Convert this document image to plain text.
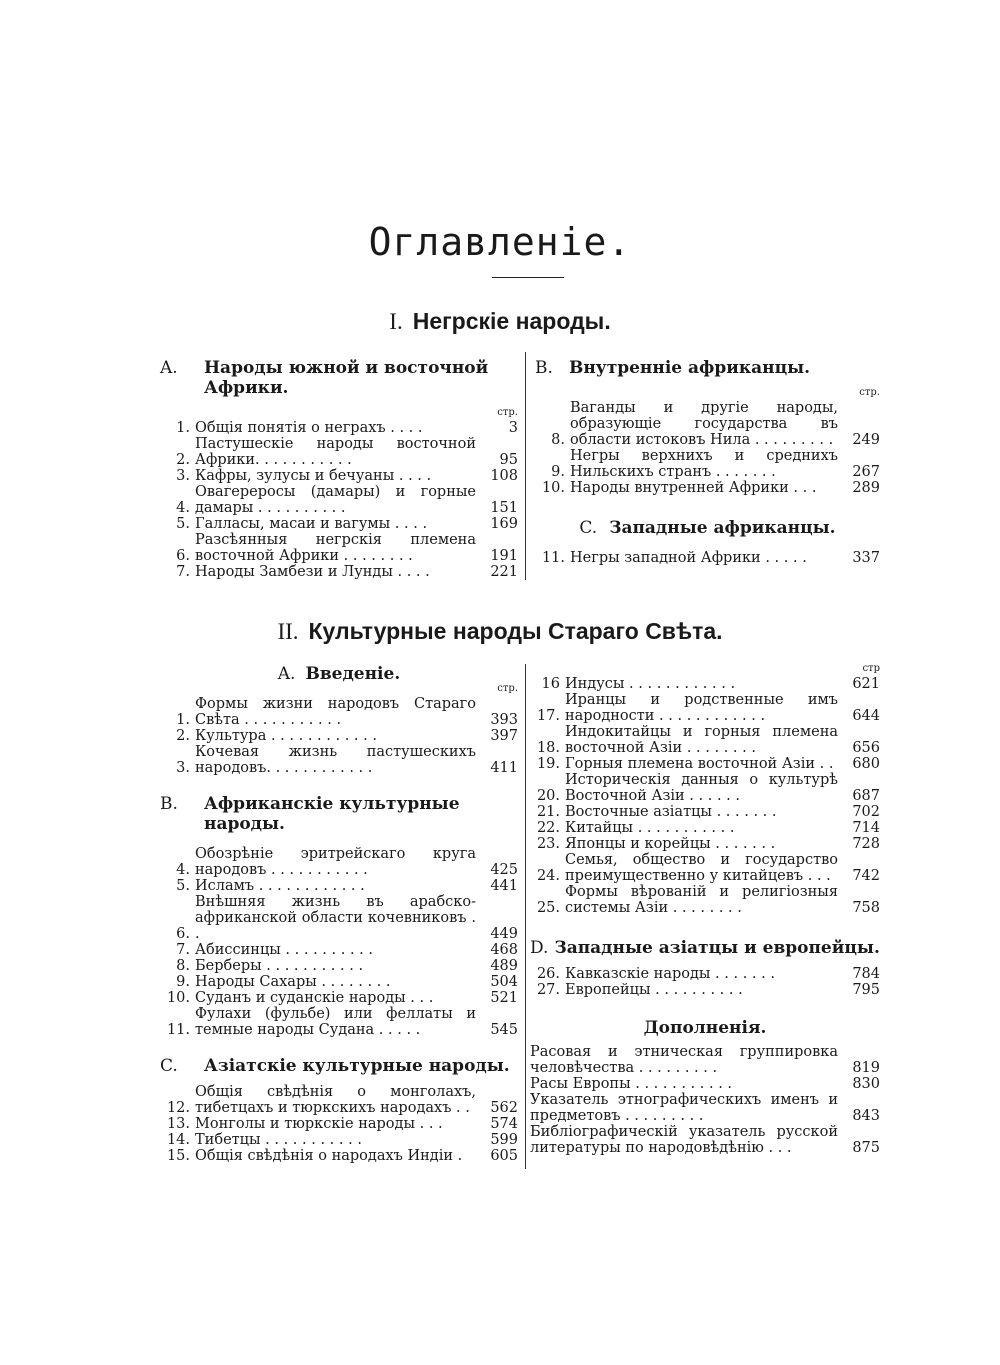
Оглавленіе.
I. Негрскіе народы.
A.	Народы южной и восточной Африки.
стр.
1. Общія понятія о неграхъ . . . .	3
2.
Пастушескіе народы восточной Африки. . . . . . . . . . .	95
3. Кафры, зулусы и бечуаны . . . .	108
4.
Овагереросы (дамары) и горные дамары . . . . . . . . . .	151
5. Галласы, масаи и вагумы . . . .	169
6.
Разсѣянныя негрскія племена восточной Африки . . . . . . . .	191
7. Народы Замбези и Лунды . . . .	221
B. Внутренніе африканцы.
стр.
8.
Ваганды и другіе народы, образующіе государства въ области истоковъ Нила . . . . . . . . .	249
9.
Негры верхнихъ и среднихъ Нильскихъ странъ . . . . . . .	267
10. Народы внутренней Африки . . .	289
C. Западные африканцы.
11. Негры западной Африки . . . . .	337
II. Культурные народы Стараго Свѣта.
A. Введеніе.
стр.
1.
Формы жизни народовъ Стараго Свѣта . . . . . . . . . . .	393
2. Культура . . . . . . . . . . . .	397
3.
Кочевая жизнь пастушескихъ народовъ. . . . . . . . . . . .	411
B.	Африканскіе культурные народы.
4.
Обозрѣніе эритрейскаго круга народовъ . . . . . . . . . . .	425
5. Исламъ . . . . . . . . . . . .	441
6.
Внѣшняя жизнь въ арабско-африканской области кочевниковъ . .	449
7. Абиссинцы . . . . . . . . . .	468
8. Берберы . . . . . . . . . . .	489
9. Народы Сахары . . . . . . . .	504
10. Суданъ и суданскіе народы . . .	521
11.
Фулахи (фульбе) или феллаты и темные народы Судана . . . . .	545
C.	Азіатскіе культурные народы.
12.
Общія свѣдѣнія о монголахъ, тибетцахъ и тюркскихъ народахъ . .	562
13. Монголы и тюркскіе народы . . .	574
14. Тибетцы . . . . . . . . . . .	599
15. Общія свѣдѣнія о народахъ Индіи .	605
стр
16 Индусы . . . . . . . . . . . .	621
17.
Иранцы и родственные имъ народности . . . . . . . . . . . .	644
18.
Индокитайцы и горныя племена восточной Азіи . . . . . . . .	656
19. Горныя племена восточной Азіи . .	680
20.
Историческія данныя о культурѣ Восточной Азіи . . . . . .	687
21. Восточные азіатцы . . . . . . .	702
22. Китайцы . . . . . . . . . . .	714
23. Японцы и корейцы . . . . . . .	728
24.
Семья, общество и государство преимущественно у китайцевъ . . .	742
25.
Формы вѣрованій и религіозныя системы Азіи . . . . . . . .	758
D. Западные азіатцы и европейцы.
26. Кавказскіе народы . . . . . . .	784
27. Европейцы . . . . . . . . . .	795
Дополненія.
Расовая и этническая группировка человѣчества . . . . . . . . .	819
Расы Европы . . . . . . . . . . .	830
Указатель этнографическихъ именъ и предметовъ . . . . . . . . .	843
Библіографическій указатель русской литературы по народовѣдѣнію . . .	875
